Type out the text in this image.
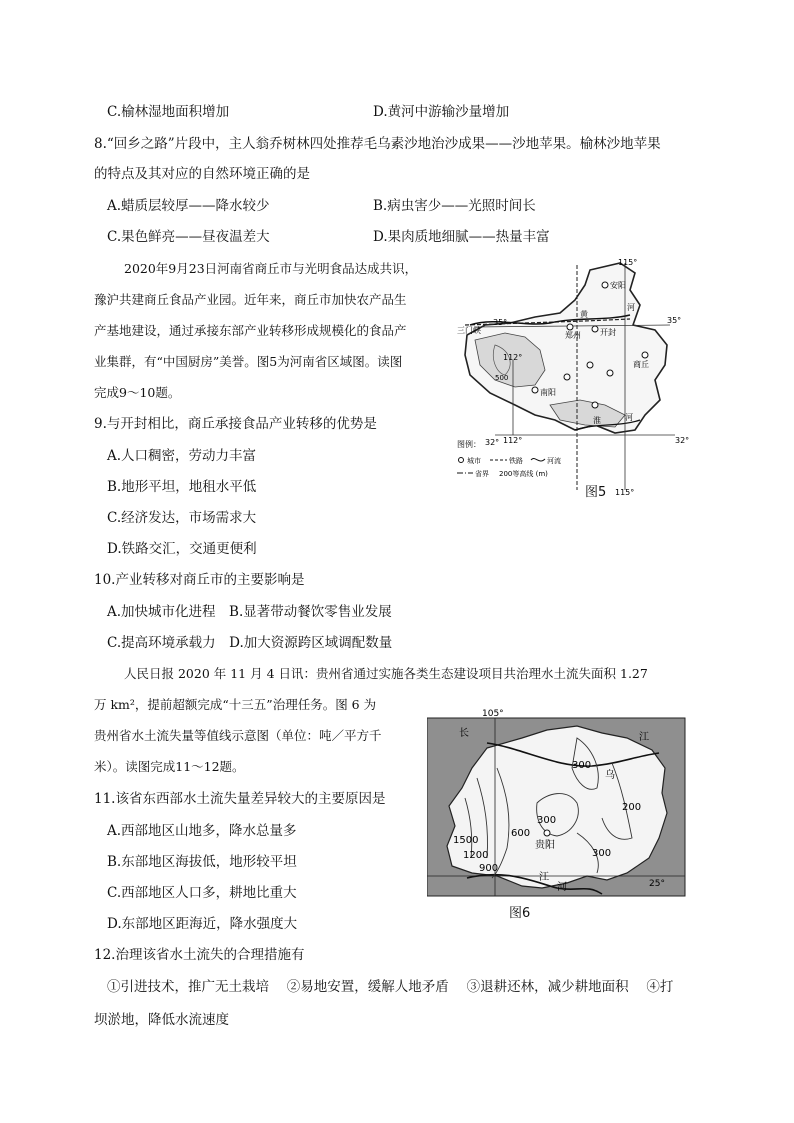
C.榆林湿地面积增加	D.黄河中游输沙量增加
8.“回乡之路”片段中，主人翁乔树林四处推荐毛乌素沙地治沙成果——沙地苹果。榆林沙地苹果
的特点及其对应的自然环境正确的是
A.蜡质层较厚——降水较少	B.病虫害少——光照时间长
C.果色鲜亮——昼夜温差大	D.果肉质地细腻——热量丰富
2020年9月23日河南省商丘市与光明食品达成共识，
豫沪共建商丘食品产业园。近年来，商丘市加快农产品生
产基地建设，通过承接东部产业转移形成规模化的食品产
业集群，有“中国厨房”美誉。图5为河南省区域图。读图
完成9～10题。
9.与开封相比，商丘承接食品产业转移的优势是
A.人口稠密，劳动力丰富
B.地形平坦，地租水平低
C.经济发达，市场需求大
D.铁路交汇，交通更便利
10.产业转移对商丘市的主要影响是
A.加快城市化进程　B.显著带动餐饮零售业发展
C.提高环境承载力　D.加大资源跨区域调配数量
人民日报 2020 年 11 月 4 日讯：贵州省通过实施各类生态建设项目共治理水土流失面积 1.27
万 km²，提前超额完成“十三五”治理任务。图 6 为
贵州省水土流失量等值线示意图（单位：吨／平方千
米）。读图完成11～12题。
11.该省东西部水土流失量差异较大的主要原因是
A.西部地区山地多，降水总量多
B.东部地区海拔低，地形较平坦
C.西部地区人口多，耕地比重大
D.东部地区距海近，降水强度大
12.治理该省水土流失的合理措施有
①引进技术，推广无土栽培　 ②易地安置，缓解人地矛盾　 ③退耕还林，减少耕地面积　 ④打
坝淤地，降低水流速度
115°
112°
112°
115°
35°	35°
32°	32°
三门峡
安阳
郑州 开封
商丘
南阳
黄
河
淮	河
500
图例：
城市	铁路	河流
省界 200等高线 (m)
图5
105°
25°
长	江
乌
贵阳
江
河
300
200
300
300
600
1500
1200
900
图6
